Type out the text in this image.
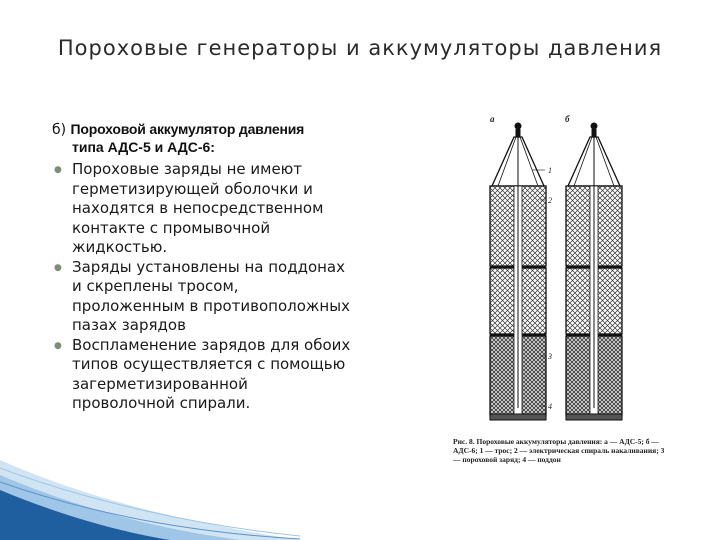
Пороховые генераторы и аккумуляторы давления
б) Пороховой аккумулятор давления
типа АДС-5 и АДС-6:
● Пороховые заряды не имеют герметизирующей оболочки и находятся в непосредственном контакте с промывочной жидкостью.
● Заряды установлены на поддонах и скреплены тросом, проложенным в противоположных пазах зарядов
● Воспламенение зарядов для обоих типов осуществляется с помощью загерметизированной проволочной спирали.
а	б
1
2
3
4
Рис. 8. Пороховые аккумуляторы давления: а — АДС-5; б — АДС-6; 1 — трос; 2 — электрическая спираль накаливания; 3 — пороховой заряд; 4 — поддон
